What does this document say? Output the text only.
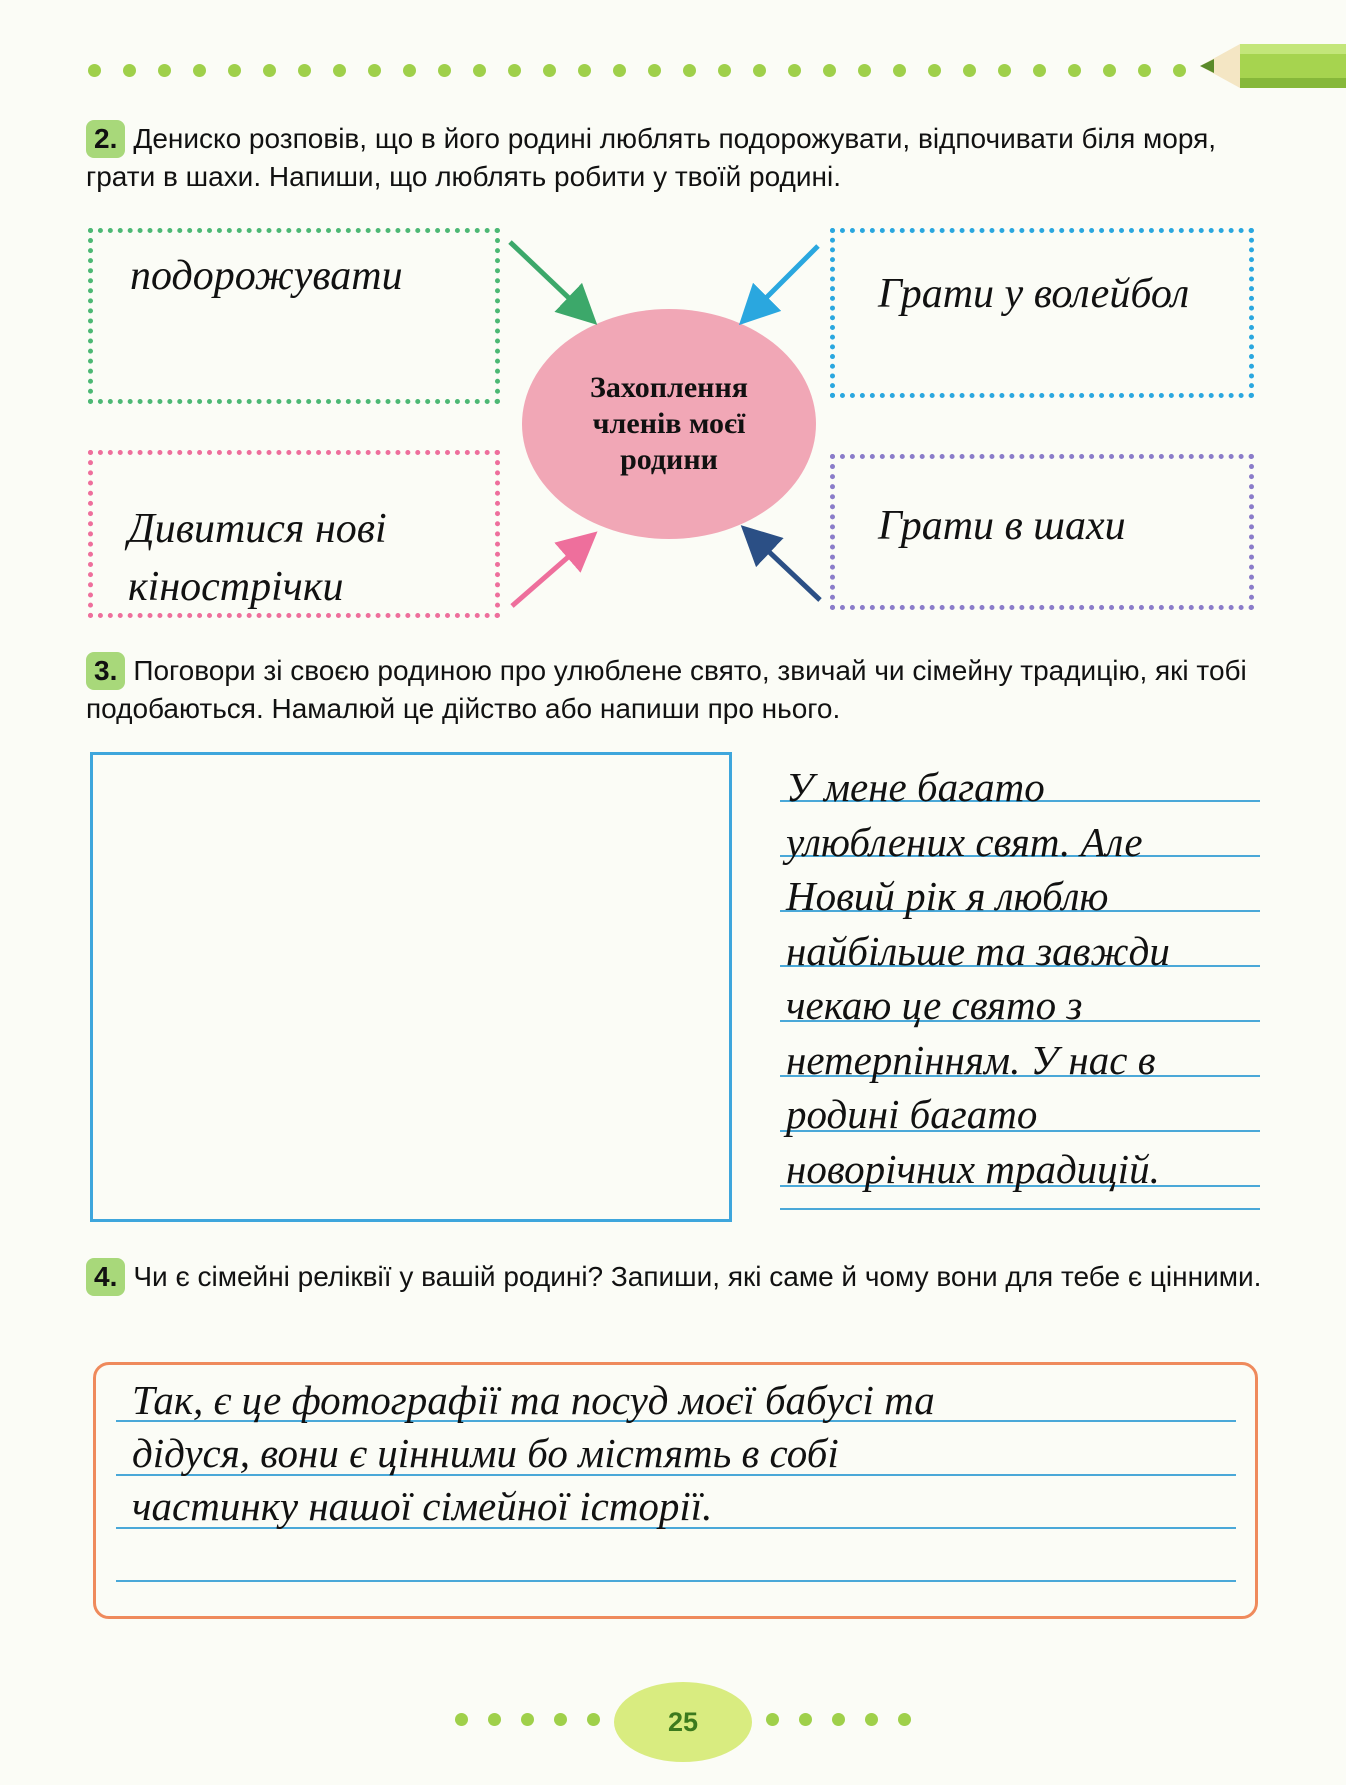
2. Дениско розповів, що в його родині люблять подорожувати, відпочивати біля моря, грати в шахи. Напиши, що люблять робити у твоїй родині.
подорожувати	Грати у волейбол
Дивитися нові кінострічки
Грати в шахи
Захоплення
членів моєї
родини
3. Поговори зі своєю родиною про улюблене свято, звичай чи сімейну традицію, які тобі подобаються. Намалюй це дійство або напиши про нього.
У мене багато
улюблених свят. Але
Новий рік я люблю
найбільше та завжди
чекаю це свято з
нетерпінням. У нас в
родині багато
новорічних традицій.
4. Чи є сімейні реліквії у вашій родині? Запиши, які саме й чому вони для тебе є цінними.
Так, є це фотографії та посуд моєї бабусі та
дідуся, вони є цінними бо містять в собі
частинку нашої сімейної історії.
25
